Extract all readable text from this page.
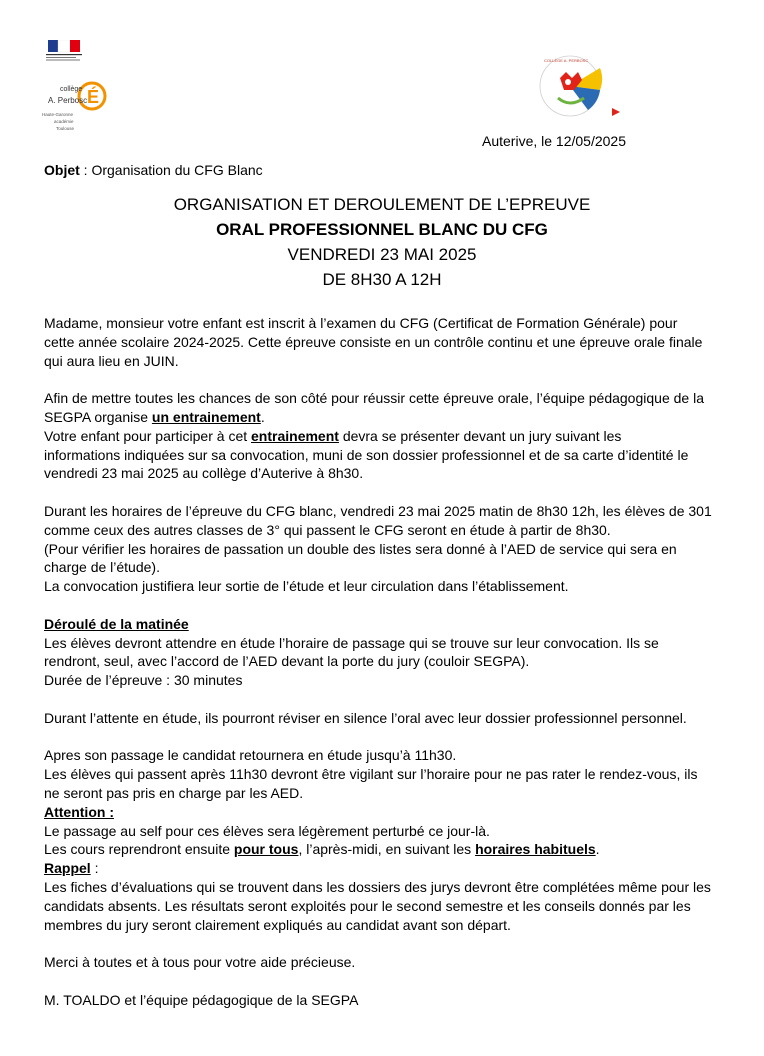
É
collège
A. Perbosc
Haute-Garonne
académie
Toulouse
COLLÈGE A. PERBOSC
Auterive, le 12/05/2025
Objet : Organisation du CFG Blanc
ORGANISATION ET DEROULEMENT DE L’EPREUVE
ORAL PROFESSIONNEL BLANC DU CFG
VENDREDI 23 MAI 2025
DE 8H30 A 12H

Madame, monsieur votre enfant est inscrit à l’examen du CFG (Certificat de Formation Générale) pour

cette année scolaire 2024-2025. Cette épreuve consiste en un contrôle continu et une épreuve orale finale

qui aura lieu en JUIN.

Afin de mettre toutes les chances de son côté pour réussir cette épreuve orale, l’équipe pédagogique de la

SEGPA organise un entrainement.

Votre enfant pour participer à cet entrainement devra se présenter devant un jury suivant les

informations indiquées sur sa convocation, muni de son dossier professionnel et de sa carte d’identité le

vendredi 23 mai 2025 au collège d’Auterive à 8h30.

Durant les horaires de l’épreuve du CFG blanc, vendredi 23 mai 2025 matin de 8h30 12h, les élèves de 301

comme ceux des autres classes de 3° qui passent le CFG seront en étude à partir de 8h30.

(Pour vérifier les horaires de passation un double des listes sera donné à l’AED de service qui sera en

charge de l’étude).

La convocation justifiera leur sortie de l’étude et leur circulation dans l’établissement.

Déroulé de la matinée

Les élèves devront attendre en étude l’horaire de passage qui se trouve sur leur convocation. Ils se

rendront, seul, avec l’accord de l’AED devant la porte du jury (couloir SEGPA).

Durée de l’épreuve : 30 minutes

Durant l’attente en étude, ils pourront réviser en silence l’oral avec leur dossier professionnel personnel.

Apres son passage le candidat retournera en étude jusqu’à 11h30.

Les élèves qui passent après 11h30 devront être vigilant sur l’horaire pour ne pas rater le rendez-vous, ils

ne seront pas pris en charge par les AED.

Attention :

Le passage au self pour ces élèves sera légèrement perturbé ce jour-là.

Les cours reprendront ensuite pour tous, l’après-midi, en suivant les horaires habituels.

Rappel :

Les fiches d’évaluations qui se trouvent dans les dossiers des jurys devront être complétées même pour les

candidats absents. Les résultats seront exploités pour le second semestre et les conseils donnés par les

membres du jury seront clairement expliqués au candidat avant son départ.

Merci à toutes et à tous pour votre aide précieuse.

M. TOALDO et l’équipe pédagogique de la SEGPA
